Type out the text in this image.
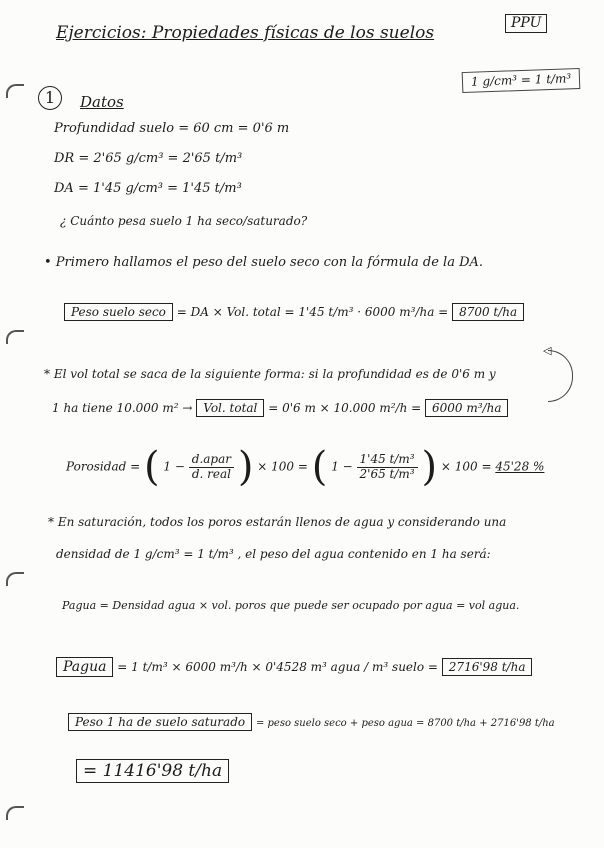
Ejercicios: Propiedades físicas de los suelos	PPU
1 g/cm³ = 1 t/m³
1	Datos
Profundidad suelo = 60 cm = 0'6 m
DR = 2'65 g/cm³ = 2'65 t/m³
DA = 1'45 g/cm³ = 1'45 t/m³
¿ Cuánto pesa suelo 1 ha seco/saturado?
• Primero hallamos el peso del suelo seco con la fórmula de la DA.
Peso suelo seco = DA × Vol. total = 1'45 t/m³ · 6000 m³/ha = 8700 t/ha
◁
* El vol total se saca de la siguiente forma: si la profundidad es de 0'6 m y
1 ha tiene 10.000 m² → Vol. total = 0'6 m × 10.000 m²/h = 6000 m³/ha
Porosidad = ( $1 - \frac{\text{d.apar}}{\text{d. real}}$ ) × 100 = ( $1 - \frac{\text{1'45 t/m³}}{\text{2'65 t/m³}}$ ) × 100 = 45'28 %
* En saturación, todos los poros estarán llenos de agua y considerando una
densidad de 1 g/cm³ = 1 t/m³ , el peso del agua contenido en 1 ha será:
Pagua = Densidad agua × vol. poros que puede ser ocupado por agua = vol agua.
Pagua = 1 t/m³ × 6000 m³/h × 0'4528 m³ agua / m³ suelo = 2716'98 t/ha
Peso 1 ha de suelo saturado = peso suelo seco + peso agua = 8700 t/ha + 2716'98 t/ha
= 11416'98 t/ha
